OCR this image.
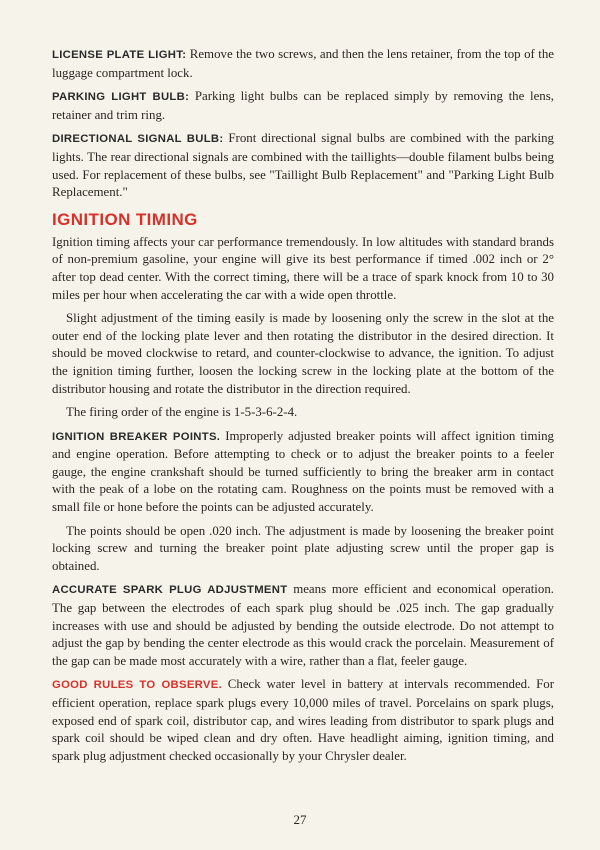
LICENSE PLATE LIGHT: Remove the two screws, and then the lens retainer, from the top of the luggage compartment lock.

PARKING LIGHT BULB: Parking light bulbs can be replaced simply by removing the lens, retainer and trim ring.

DIRECTIONAL SIGNAL BULB: Front directional signal bulbs are combined with the parking lights. The rear directional signals are combined with the taillights—double filament bulbs being used. For replacement of these bulbs, see "Taillight Bulb Replacement" and "Parking Light Bulb Replacement."

IGNITION TIMING

Ignition timing affects your car performance tremendously. In low altitudes with standard brands of non-premium gasoline, your engine will give its best performance if timed .002 inch or 2° after top dead center. With the correct timing, there will be a trace of spark knock from 10 to 30 miles per hour when accelerating the car with a wide open throttle.

Slight adjustment of the timing easily is made by loosening only the screw in the slot at the outer end of the locking plate lever and then rotating the distributor in the desired direction. It should be moved clockwise to retard, and counter-clockwise to advance, the ignition. To adjust the ignition timing further, loosen the locking screw in the locking plate at the bottom of the distributor housing and rotate the distributor in the direction required.

The firing order of the engine is 1-5-3-6-2-4.

IGNITION BREAKER POINTS. Improperly adjusted breaker points will affect ignition timing and engine operation. Before attempting to check or to adjust the breaker points to a feeler gauge, the engine crankshaft should be turned sufficiently to bring the breaker arm in contact with the peak of a lobe on the rotating cam. Roughness on the points must be removed with a small file or hone before the points can be adjusted accurately.

The points should be open .020 inch. The adjustment is made by loosening the breaker point locking screw and turning the breaker point plate adjusting screw until the proper gap is obtained.

ACCURATE SPARK PLUG ADJUSTMENT means more efficient and economical operation. The gap between the electrodes of each spark plug should be .025 inch. The gap gradually increases with use and should be adjusted by bending the outside electrode. Do not attempt to adjust the gap by bending the center electrode as this would crack the porcelain. Measurement of the gap can be made most accurately with a wire, rather than a flat, feeler gauge.

GOOD RULES TO OBSERVE. Check water level in battery at intervals recommended. For efficient operation, replace spark plugs every 10,000 miles of travel. Porcelains on spark plugs, exposed end of spark coil, distributor cap, and wires leading from distributor to spark plugs and spark coil should be wiped clean and dry often. Have headlight aiming, ignition timing, and spark plug adjustment checked occasionally by your Chrysler dealer.

27
